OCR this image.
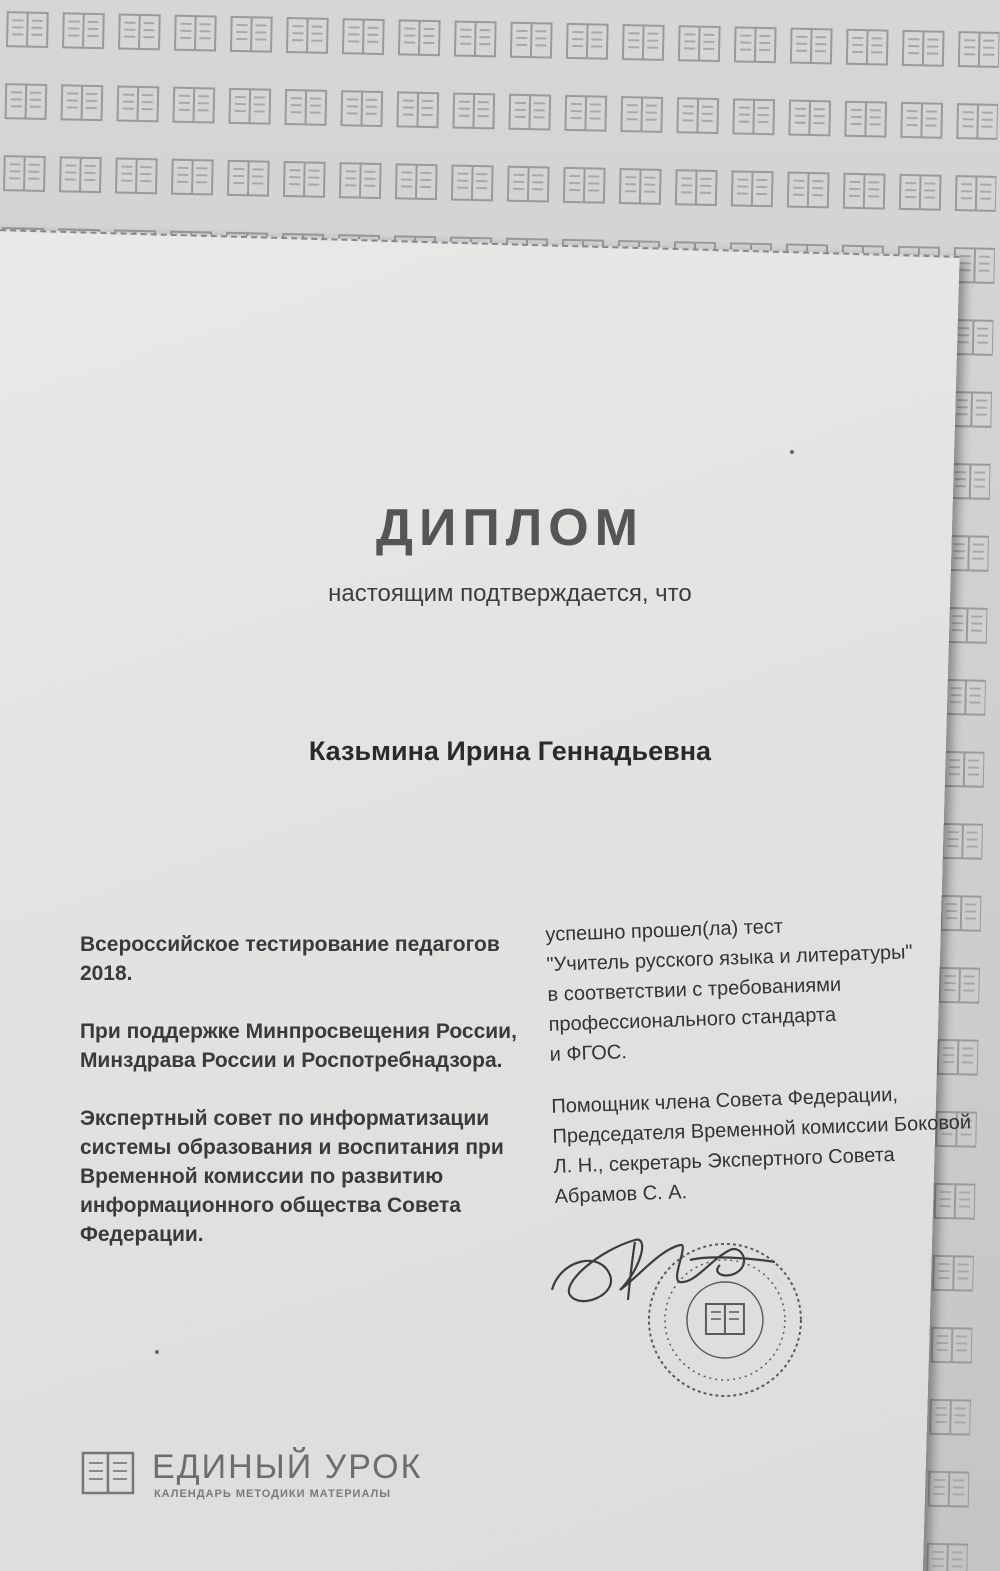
ДИПЛОМ
настоящим подтверждается, что
Казьмина Ирина Геннадьевна

Всероссийское тестирование педагогов 2018.

При поддержке Минпросвещения России, Минздрава России и Роспотребнадзора.

Экспертный совет по информатизации системы образования и воспитания при Временной комиссии по развитию информационного общества Совета Федерации.

успешно прошел(ла) тест
"Учитель русского языка и литературы"
в соответствии с требованиями
профессионального стандарта
и ФГОС.

Помощник члена Совета Федерации, Председателя Временной комиссии Боковой Л. Н., секретарь Экспертного Совета Абрамов С. А.

ЕДИНЫЙ УРОК
КАЛЕНДАРЬ МЕТОДИКИ МАТЕРИАЛЫ
